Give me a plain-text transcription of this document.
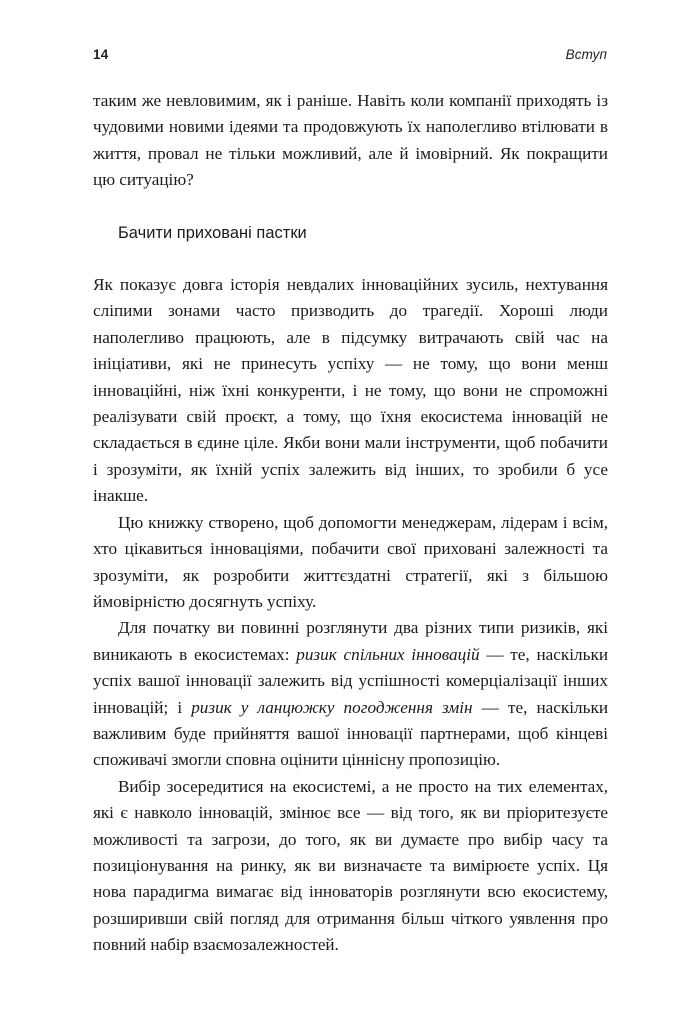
14	Вступ

таким же невловимим, як і раніше. Навіть коли компанії приходять із чудовими новими ідеями та продовжують їх наполегливо втілювати в життя, провал не тільки можливий, але й імовірний. Як покращити цю ситуацію?

Бачити приховані пастки

Як показує довга історія невдалих інноваційних зусиль, нехтування сліпими зонами часто призводить до трагедії. Хороші люди наполегливо працюють, але в підсумку витрачають свій час на ініціативи, які не принесуть успіху — не тому, що вони менш інноваційні, ніж їхні конкуренти, і не тому, що вони не спроможні реалізувати свій проєкт, а тому, що їхня екосистема інновацій не складається в єдине ціле. Якби вони мали інструменти, щоб побачити і зрозуміти, як їхній успіх залежить від інших, то зробили б усе інакше.

Цю книжку створено, щоб допомогти менеджерам, лідерам і всім, хто цікавиться інноваціями, побачити свої приховані залежності та зрозуміти, як розробити життєздатні стратегії, які з більшою ймовірністю досягнуть успіху.

Для початку ви повинні розглянути два різних типи ризиків, які виникають в екосистемах: ризик спільних інновацій — те, наскільки успіх вашої інновації залежить від успішності комерціалізації інших інновацій; і ризик у ланцюжку погодження змін — те, наскільки важливим буде прийняття вашої інновації партнерами, щоб кінцеві споживачі змогли сповна оцінити ціннісну пропозицію.

Вибір зосередитися на екосистемі, а не просто на тих елементах, які є навколо інновацій, змінює все — від того, як ви пріоритезуєте можливості та загрози, до того, як ви думаєте про вибір часу та позиціонування на ринку, як ви визначаєте та вимірюєте успіх. Ця нова парадигма вимагає від інноваторів розглянути всю екосистему, розширивши свій погляд для отримання більш чіткого уявлення про повний набір взаємозалежностей.
